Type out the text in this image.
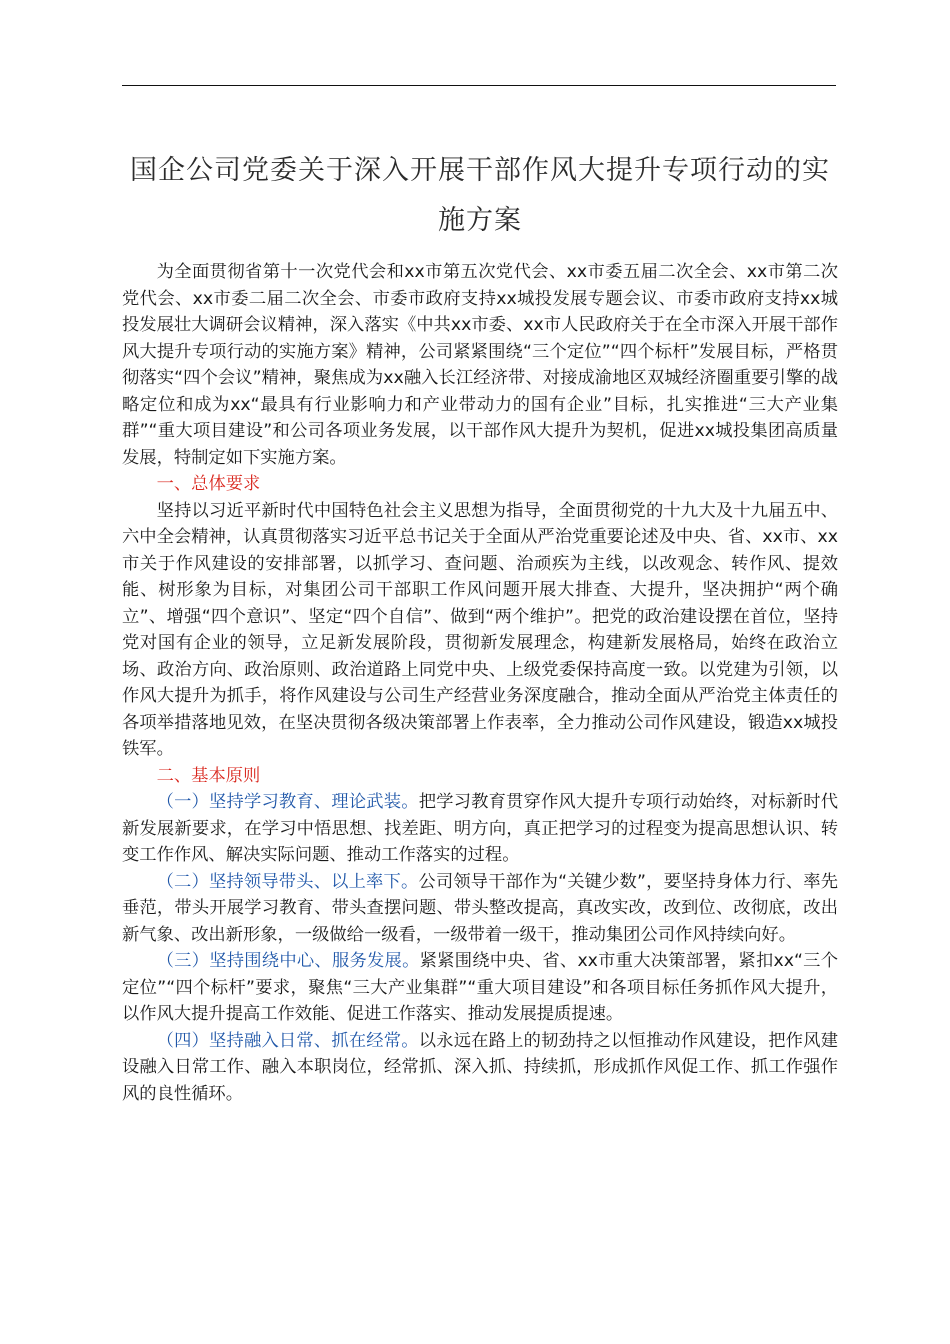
国企公司党委关于深入开展干部作风大提升专项行动的实施方案

为全面贯彻省第十一次党代会和xx市第五次党代会、xx市委五届二次全会、xx市第二次党代会、xx市委二届二次全会、市委市政府支持xx城投发展专题会议、市委市政府支持xx城投发展壮大调研会议精神，深入落实《中共xx市委、xx市人民政府关于在全市深入开展干部作风大提升专项行动的实施方案》精神，公司紧紧围绕“三个定位”“四个标杆”发展目标，严格贯彻落实“四个会议”精神，聚焦成为xx融入长江经济带、对接成渝地区双城经济圈重要引擎的战略定位和成为xx“最具有行业影响力和产业带动力的国有企业”目标，扎实推进“三大产业集群”“重大项目建设”和公司各项业务发展，以干部作风大提升为契机，促进xx城投集团高质量发展，特制定如下实施方案。

一、总体要求

坚持以习近平新时代中国特色社会主义思想为指导，全面贯彻党的十九大及十九届五中、六中全会精神，认真贯彻落实习近平总书记关于全面从严治党重要论述及中央、省、xx市、xx市关于作风建设的安排部署，以抓学习、查问题、治顽疾为主线，以改观念、转作风、提效能、树形象为目标，对集团公司干部职工作风问题开展大排查、大提升，坚决拥护“两个确立”、增强“四个意识”、坚定“四个自信”、做到“两个维护”。把党的政治建设摆在首位，坚持党对国有企业的领导，立足新发展阶段，贯彻新发展理念，构建新发展格局，始终在政治立场、政治方向、政治原则、政治道路上同党中央、上级党委保持高度一致。以党建为引领，以作风大提升为抓手，将作风建设与公司生产经营业务深度融合，推动全面从严治党主体责任的各项举措落地见效，在坚决贯彻各级决策部署上作表率，全力推动公司作风建设，锻造xx城投铁军。

二、基本原则

（一）坚持学习教育、理论武装。把学习教育贯穿作风大提升专项行动始终，对标新时代新发展新要求，在学习中悟思想、找差距、明方向，真正把学习的过程变为提高思想认识、转变工作作风、解决实际问题、推动工作落实的过程。

（二）坚持领导带头、以上率下。公司领导干部作为“关键少数”，要坚持身体力行、率先垂范，带头开展学习教育、带头查摆问题、带头整改提高，真改实改，改到位、改彻底，改出新气象、改出新形象，一级做给一级看，一级带着一级干，推动集团公司作风持续向好。

（三）坚持围绕中心、服务发展。紧紧围绕中央、省、xx市重大决策部署，紧扣xx“三个定位”“四个标杆”要求，聚焦“三大产业集群”“重大项目建设”和各项目标任务抓作风大提升，以作风大提升提高工作效能、促进工作落实、推动发展提质提速。

（四）坚持融入日常、抓在经常。以永远在路上的韧劲持之以恒推动作风建设，把作风建设融入日常工作、融入本职岗位，经常抓、深入抓、持续抓，形成抓作风促工作、抓工作强作风的良性循环。
